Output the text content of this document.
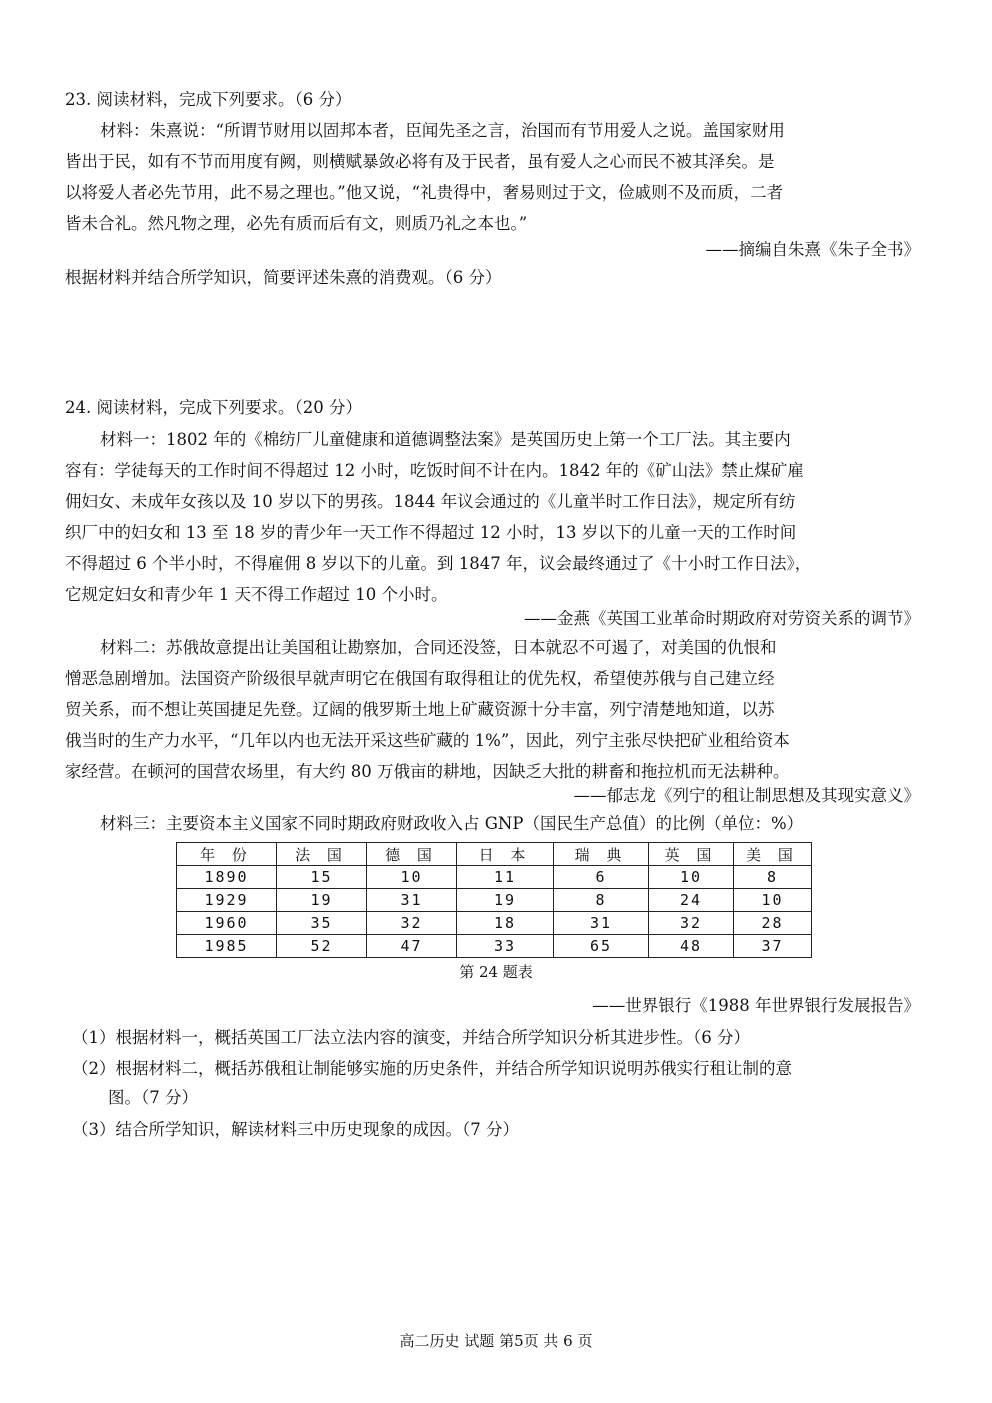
23. 阅读材料，完成下列要求。（6 分）
材料：朱熹说：“所谓节财用以固邦本者，臣闻先圣之言，治国而有节用爱人之说。盖国家财用
皆出于民，如有不节而用度有阙，则横赋暴敛必将有及于民者，虽有爱人之心而民不被其泽矣。是
以将爱人者必先节用，此不易之理也。”他又说，“礼贵得中，奢易则过于文，俭戚则不及而质，二者
皆未合礼。然凡物之理，必先有质而后有文，则质乃礼之本也。”
——摘编自朱熹《朱子全书》
根据材料并结合所学知识，简要评述朱熹的消费观。（6 分）
24. 阅读材料，完成下列要求。（20 分）
材料一：1802 年的《棉纺厂儿童健康和道德调整法案》是英国历史上第一个工厂法。其主要内
容有：学徒每天的工作时间不得超过 12 小时，吃饭时间不计在内。1842 年的《矿山法》禁止煤矿雇
佣妇女、未成年女孩以及 10 岁以下的男孩。1844 年议会通过的《儿童半时工作日法》，规定所有纺
织厂中的妇女和 13 至 18 岁的青少年一天工作不得超过 12 小时，13 岁以下的儿童一天的工作时间
不得超过 6 个半小时，不得雇佣 8 岁以下的儿童。到 1847 年，议会最终通过了《十小时工作日法》，
它规定妇女和青少年 1 天不得工作超过 10 个小时。
——金燕《英国工业革命时期政府对劳资关系的调节》
材料二：苏俄故意提出让美国租让勘察加，合同还没签，日本就忍不可遏了，对美国的仇恨和
憎恶急剧增加。法国资产阶级很早就声明它在俄国有取得租让的优先权，希望使苏俄与自己建立经
贸关系，而不想让英国捷足先登。辽阔的俄罗斯土地上矿藏资源十分丰富，列宁清楚地知道，以苏
俄当时的生产力水平，“几年以内也无法开采这些矿藏的 1%”，因此，列宁主张尽快把矿业租给资本
家经营。在顿河的国营农场里，有大约 80 万俄亩的耕地，因缺乏大批的耕畜和拖拉机而无法耕种。
——郁志龙《列宁的租让制思想及其现实意义》
材料三：主要资本主义国家不同时期政府财政收入占 GNP（国民生产总值）的比例（单位：%）
年 份	法 国	德 国	日 本	瑞 典	英 国	美 国
1890	15	10	11	6	10	8
1929	19	31	19	8	24	10
1960	35	32	18	31	32	28
1985	52	47	33	65	48	37
第 24 题表
——世界银行《1988 年世界银行发展报告》
（1）根据材料一，概括英国工厂法立法内容的演变，并结合所学知识分析其进步性。（6 分）
（2）根据材料二，概括苏俄租让制能够实施的历史条件，并结合所学知识说明苏俄实行租让制的意
图。（7 分）
（3）结合所学知识，解读材料三中历史现象的成因。（7 分）
高二历史 试题 第5页 共 6 页
